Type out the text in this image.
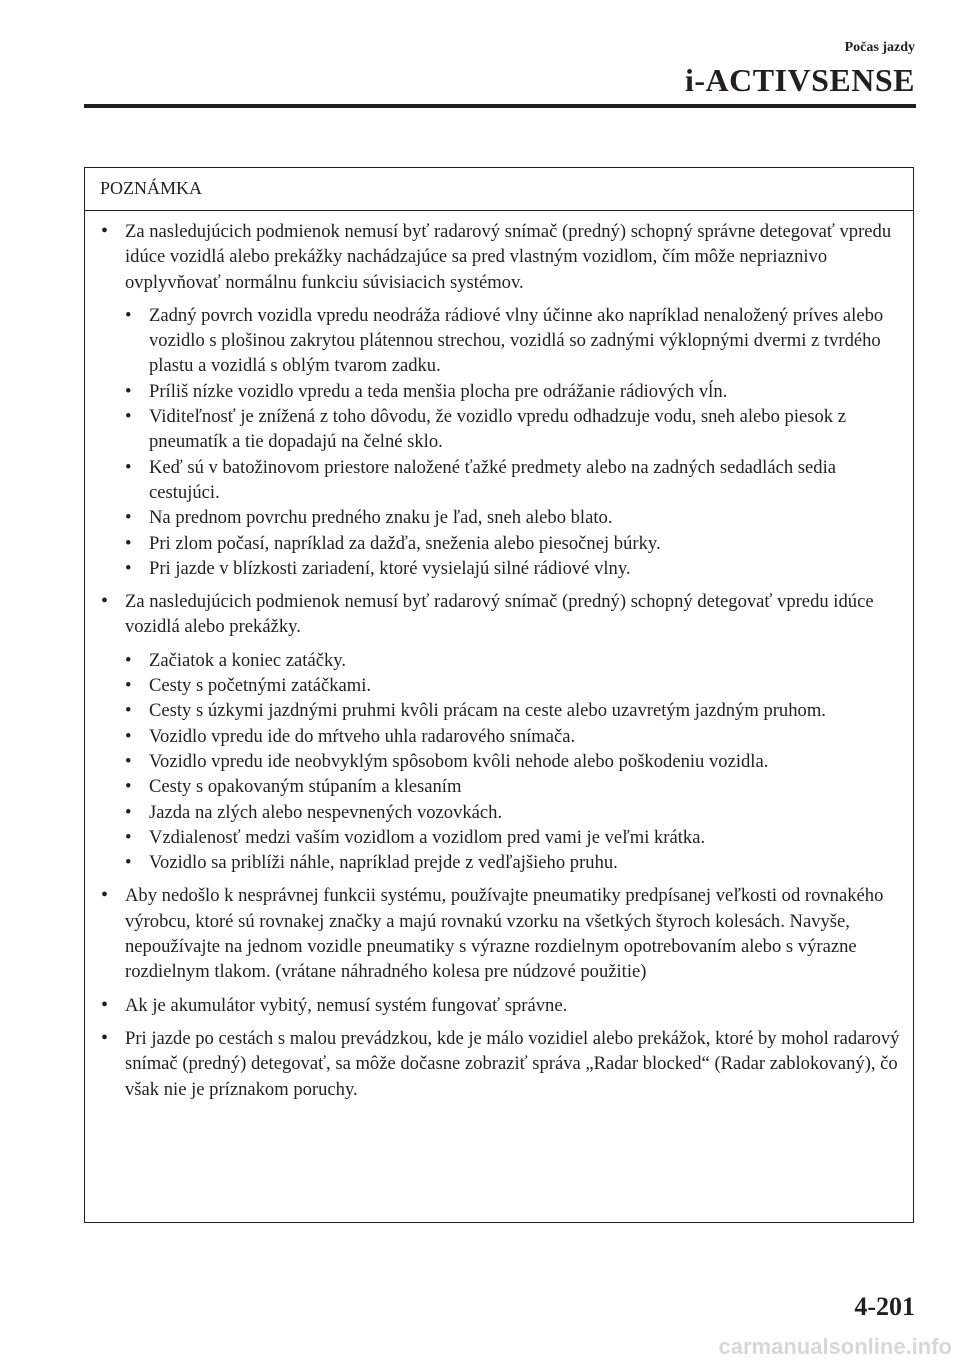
Počas jazdy
i-ACTIVSENSE
POZNÁMKA
• Za nasledujúcich podmienok nemusí byť radarový snímač (predný) schopný správne detegovať vpredu idúce vozidlá alebo prekážky nachádzajúce sa pred vlastným vozidlom, čím môže nepriaznivo ovplyvňovať normálnu funkciu súvisiacich systémov.
• Zadný povrch vozidla vpredu neodráža rádiové vlny účinne ako napríklad nenaložený príves alebo vozidlo s plošinou zakrytou plátennou strechou, vozidlá so zadnými výklopnými dvermi z tvrdého plastu a vozidlá s oblým tvarom zadku.
• Príliš nízke vozidlo vpredu a teda menšia plocha pre odrážanie rádiových vĺn.
• Viditeľnosť je znížená z toho dôvodu, že vozidlo vpredu odhadzuje vodu, sneh alebo piesok z pneumatík a tie dopadajú na čelné sklo.
• Keď sú v batožinovom priestore naložené ťažké predmety alebo na zadných sedadlách sedia cestujúci.
• Na prednom povrchu predného znaku je ľad, sneh alebo blato.
• Pri zlom počasí, napríklad za dažďa, sneženia alebo piesočnej búrky.
• Pri jazde v blízkosti zariadení, ktoré vysielajú silné rádiové vlny.
• Za nasledujúcich podmienok nemusí byť radarový snímač (predný) schopný detegovať vpredu idúce vozidlá alebo prekážky.
• Začiatok a koniec zatáčky.
• Cesty s početnými zatáčkami.
• Cesty s úzkymi jazdnými pruhmi kvôli prácam na ceste alebo uzavretým jazdným pruhom.
• Vozidlo vpredu ide do mŕtveho uhla radarového snímača.
• Vozidlo vpredu ide neobvyklým spôsobom kvôli nehode alebo poškodeniu vozidla.
• Cesty s opakovaným stúpaním a klesaním
• Jazda na zlých alebo nespevnených vozovkách.
• Vzdialenosť medzi vaším vozidlom a vozidlom pred vami je veľmi krátka.
• Vozidlo sa priblíži náhle, napríklad prejde z vedľajšieho pruhu.
• Aby nedošlo k nesprávnej funkcii systému, používajte pneumatiky predpísanej veľkosti od rovnakého výrobcu, ktoré sú rovnakej značky a majú rovnakú vzorku na všetkých štyroch kolesách. Navyše, nepoužívajte na jednom vozidle pneumatiky s výrazne rozdielnym opotrebovaním alebo s výrazne rozdielnym tlakom. (vrátane náhradného kolesa pre núdzové použitie)
• Ak je akumulátor vybitý, nemusí systém fungovať správne.
• Pri jazde po cestách s malou prevádzkou, kde je málo vozidiel alebo prekážok, ktoré by mohol radarový snímač (predný) detegovať, sa môže dočasne zobraziť správa „Radar blocked“ (Radar zablokovaný), čo však nie je príznakom poruchy.
4-201
carmanualsonline.info
